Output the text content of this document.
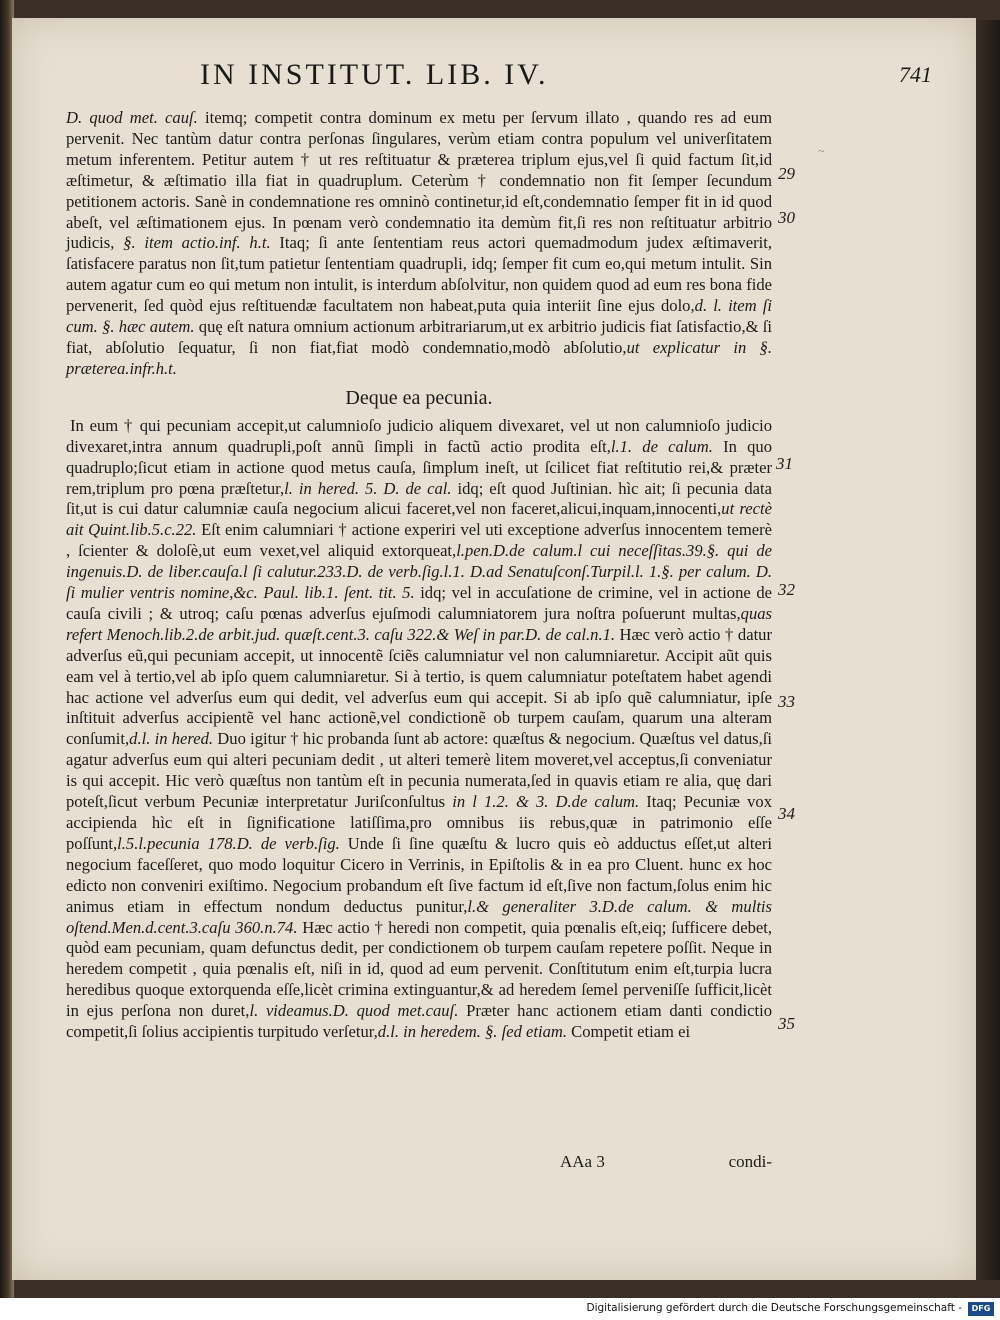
IN INSTITUT. LIB. IV.	741
~

D. quod met. cauſ. itemq; competit contra dominum ex metu per ſervum illato , quando res ad eum pervenit. Nec tantùm datur contra perſonas ſingulares, verùm etiam contra populum vel univerſitatem metum inferentem. Petitur autem † ut res reſtituatur & præterea triplum ejus,vel ſi quid factum ſit,id æſtimetur, & æſtimatio illa fiat in quadruplum. Ceterùm † condemnatio non fit ſemper ſecundum petitionem actoris. Sanè in condemnatione res omninò continetur,id eſt,condemnatio ſemper fit in id quod abeſt, vel æſtimationem ejus. In pœnam verò condemnatio ita demùm fit,ſi res non reſtituatur arbitrio judicis, §. item actio.inf. h.t. Itaq; ſi ante ſententiam reus actori quemadmodum judex æſtimaverit, ſatisfacere paratus non ſit,tum patietur ſententiam quadrupli, idq; ſemper fit cum eo,qui metum intulit. Sin autem agatur cum eo qui metum non intulit, is interdum abſolvitur, non quidem quod ad eum res bona fide pervenerit, ſed quòd ejus reſtituendæ facultatem non habeat,puta quia interiit ſine ejus dolo,d. l. item ſi cum. §. hæc autem. quę eſt natura omnium actionum arbitrariarum,ut ex arbitrio judicis fiat ſatisfactio,& ſi fiat, abſolutio ſequatur, ſi non fiat,fiat modò condemnatio,modò abſolutio,ut explicatur in §. præterea.infr.h.t.

Deque ea pecunia.

In eum † qui pecuniam accepit,ut calumnioſo judicio aliquem divexaret, vel ut non calumnioſo judicio divexaret,intra annum quadrupli,poſt annũ ſimpli in factũ actio prodita eſt,l.1. de calum. In quo quadruplo;ſicut etiam in actione quod metus cauſa, ſimplum ineſt, ut ſcilicet fiat reſtitutio rei,& præter rem,triplum pro pœna præſtetur,l. in hered. 5. D. de cal. idq; eſt quod Juſtinian. hìc ait; ſi pecunia data ſit,ut is cui datur calumniæ cauſa negocium alicui faceret,vel non faceret,alicui,inquam,innocenti,ut rectè ait Quint.lib.5.c.22. Eſt enim calumniari † actione experiri vel uti exceptione adverſus innocentem temerè , ſcienter & doloſè,ut eum vexet,vel aliquid extorqueat,l.pen.D.de calum.l cui neceſſitas.39.§. qui de ingenuis.D. de liber.cauſa.l ſi calutur.233.D. de verb.ſig.l.1. D.ad Senatuſconſ.Turpil.l. 1.§. per calum. D. ſi mulier ventris nomine,&c. Paul. lib.1. ſent. tit. 5. idq; vel in accuſatione de crimine, vel in actione de cauſa civili ; & utroq; caſu pœnas adverſus ejuſmodi calumniatorem jura noſtra poſuerunt multas,quas refert Menoch.lib.2.de arbit.jud. quæſt.cent.3. caſu 322.& Weſ in par.D. de cal.n.1. Hæc verò actio † datur adverſus eũ,qui pecuniam accepit, ut innocentẽ ſciẽs calumniatur vel non calumniaretur. Accipit aũt quis eam vel à tertio,vel ab ipſo quem calumniaretur. Si à tertio, is quem calumniatur poteſtatem habet agendi hac actione vel adverſus eum qui dedit, vel adverſus eum qui accepit. Si ab ipſo quẽ calumniatur, ipſe inſtituit adverſus accipientẽ vel hanc actionẽ,vel condictionẽ ob turpem cauſam, quarum una alteram conſumit,d.l. in hered. Duo igitur † hic probanda ſunt ab actore: quæſtus & negocium. Quæſtus vel datus,ſi agatur adverſus eum qui alteri pecuniam dedit , ut alteri temerè litem moveret,vel acceptus,ſi conveniatur is qui accepit. Hic verò quæſtus non tantùm eſt in pecunia numerata,ſed in quavis etiam re alia, quę dari poteſt,ſicut verbum Pecuniæ interpretatur Juriſconſultus in l 1.2. & 3. D.de calum. Itaq; Pecuniæ vox accipienda hìc eſt in ſignificatione latiſſima,pro omnibus iis rebus,quæ in patrimonio eſſe poſſunt,l.5.l.pecunia 178.D. de verb.ſig. Unde ſi ſine quæſtu & lucro quis eò adductus eſſet,ut alteri negocium faceſſeret, quo modo loquitur Cicero in Verrinis, in Epiſtolis & in ea pro Cluent. hunc ex hoc edicto non conveniri exiſtimo. Negocium probandum eſt ſive factum id eſt,ſive non factum,ſolus enim hic animus etiam in effectum nondum deductus punitur,l.& generaliter 3.D.de calum. & multis oſtend.Men.d.cent.3.caſu 360.n.74. Hæc actio † heredi non competit, quia pœnalis eſt,eiq; ſufficere debet, quòd eam pecuniam, quam defunctus dedit, per condictionem ob turpem cauſam repetere poſſit. Neque in heredem competit , quia pœnalis eſt, niſi in id, quod ad eum pervenit. Conſtitutum enim eſt,turpia lucra heredibus quoque extorquenda eſſe,licèt crimina extinguantur,& ad heredem ſemel perveniſſe ſufficit,licèt in ejus perſona non duret,l. videamus.D. quod met.cauſ. Præter hanc actionem etiam danti condictio competit,ſi ſolius accipientis turpitudo verſetur,d.l. in heredem. §. ſed etiam. Competit etiam ei

29
30
31
32
33
34
35
AAa 3	condi-
Digitalisierung gefördert durch die Deutsche Forschungsgemeinschaft -	DFG
